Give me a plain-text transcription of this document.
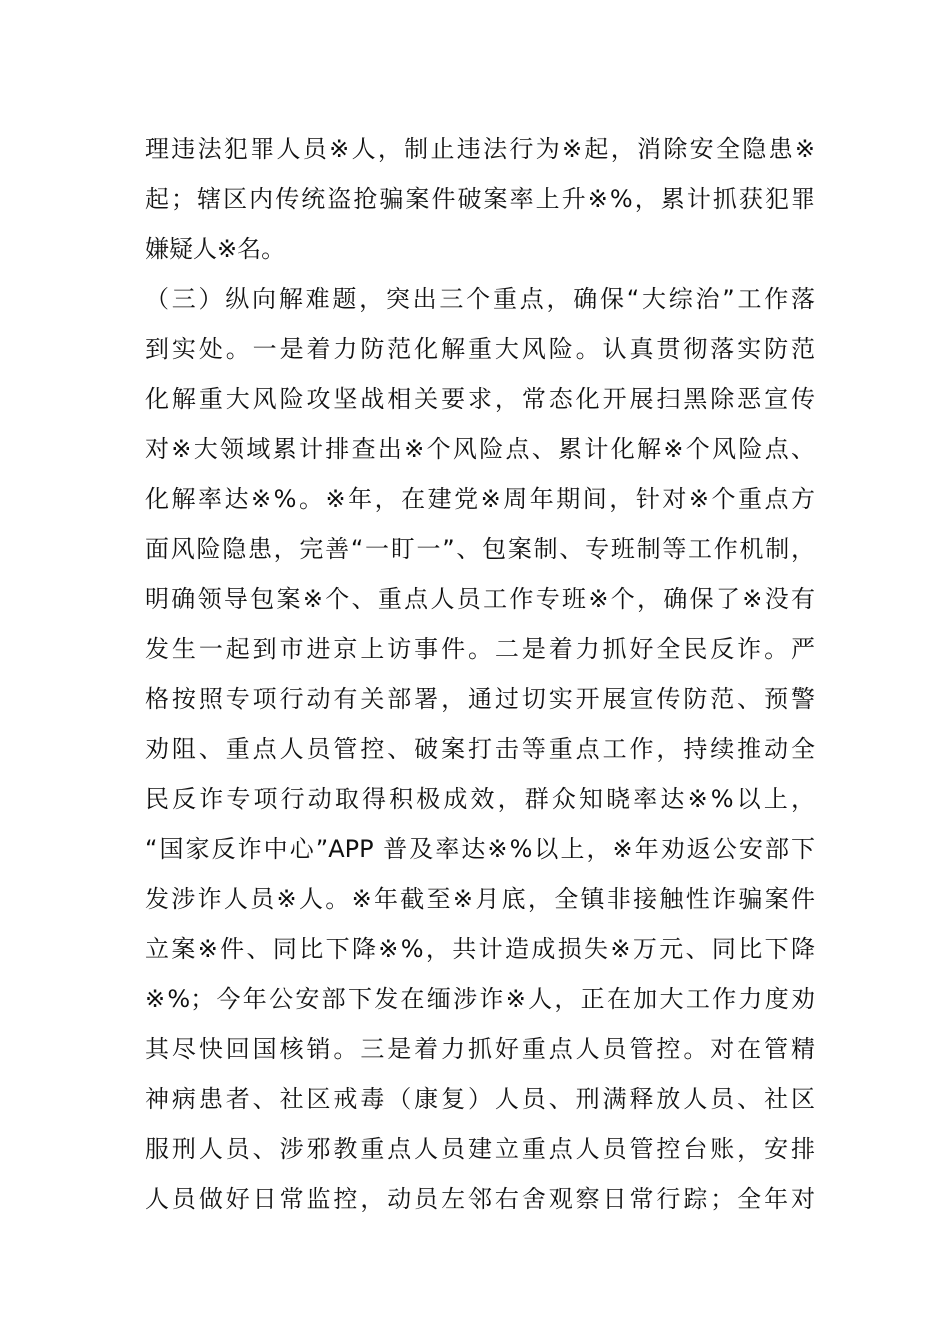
理违法犯罪人员※人，制止违法行为※起，消除安全隐患※
起；辖区内传统盗抢骗案件破案率上升※%，累计抓获犯罪
嫌疑人※名。
（三）纵向解难题，突出三个重点，确保“大综治”工作落
到实处。一是着力防范化解重大风险。认真贯彻落实防范
化解重大风险攻坚战相关要求，常态化开展扫黑除恶宣传
对※大领域累计排查出※个风险点、累计化解※个风险点、
化解率达※%。※年，在建党※周年期间，针对※个重点方
面风险隐患，完善“一盯一”、包案制、专班制等工作机制，
明确领导包案※个、重点人员工作专班※个，确保了※没有
发生一起到市进京上访事件。二是着力抓好全民反诈。严
格按照专项行动有关部署，通过切实开展宣传防范、预警
劝阻、重点人员管控、破案打击等重点工作，持续推动全
民反诈专项行动取得积极成效，群众知晓率达※%以上，
“国家反诈中心”APP 普及率达※%以上，※年劝返公安部下
发涉诈人员※人。※年截至※月底，全镇非接触性诈骗案件
立案※件、同比下降※%，共计造成损失※万元、同比下降
※%；今年公安部下发在缅涉诈※人，正在加大工作力度劝
其尽快回国核销。三是着力抓好重点人员管控。对在管精
神病患者、社区戒毒（康复）人员、刑满释放人员、社区
服刑人员、涉邪教重点人员建立重点人员管控台账，安排
人员做好日常监控，动员左邻右舍观察日常行踪；全年对
